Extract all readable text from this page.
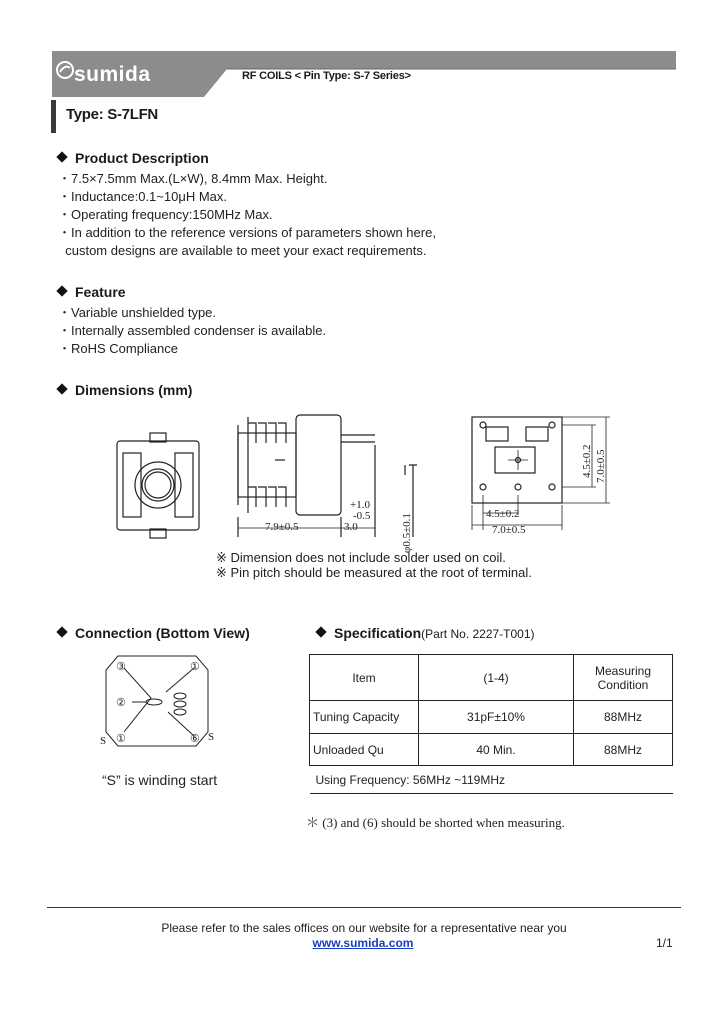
sumida	RF COILS < Pin Type: S-7 Series>
Type: S-7LFN
Product Description
・7.5×7.5mm Max.(L×W), 8.4mm Max. Height.
・Inductance:0.1~10μH Max.
・Operating frequency:150MHz Max.
・In addition to the reference versions of parameters shown here,
custom designs are available to meet your exact requirements.
Feature
・Variable unshielded type.
・Internally assembled condenser is available.
・RoHS Compliance
Dimensions (mm)
7.9±0.5	3.0
+1.0
-0.5	φ0.5±0.1	4.5±0.2
7.0±0.5
4.5±0.2 7.0±0.5
※ Dimension does not include solder used on coil.
※ Pin pitch should be measured at the root of terminal.
Connection (Bottom View)
③	①
②
①	⑥
S	S
“S” is winding start
Specification(Part No. 2227-T001)
Item	(1-4)	Measuring Condition
Tuning Capacity	31pF±10%	88MHz
Unloaded Qu	40 Min.	88MHz
Using Frequency: 56MHz ~119MHz		
＊ (3) and (6) should be shorted when measuring.
Please refer to the sales offices on our website for a representative near you
www.sumida.com	1/1
